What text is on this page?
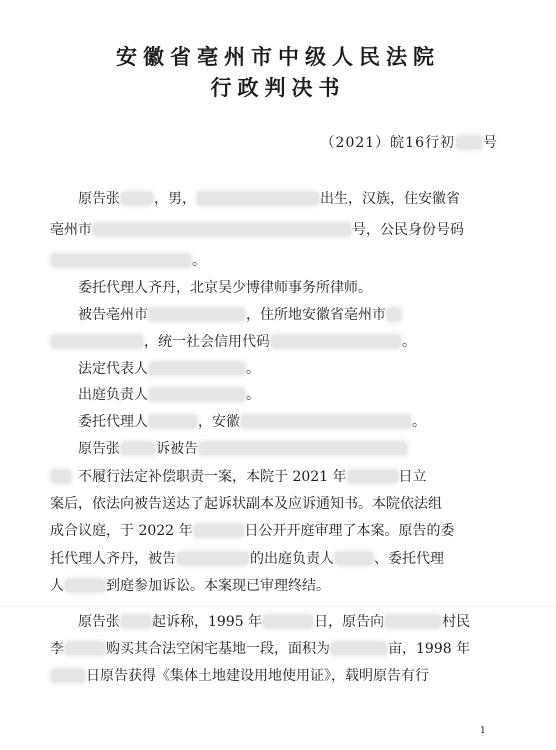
安徽省亳州市中级人民法院
行政判决书
（2021）皖16行初 号
原告张 ，男，	出生，汉族，住安徽省
亳州市	号，公民身份号码
。
委托代理人齐丹，北京吴少博律师事务所律师。
被告亳州市	，住所地安徽省亳州市
，统一社会信用代码	。
法定代表人	。
出庭负责人	。
委托代理人	，安徽	。
原告张	诉被告
不履行法定补偿职责一案，本院于 2021 年	日立
案后，依法向被告送达了起诉状副本及应诉通知书。本院依法组
成合议庭，于 2022 年	日公开开庭审理了本案。原告的委
托代理人齐丹，被告	的出庭负责人	、委托代理
人	到庭参加诉讼。本案现已审理终结。
原告张 起诉称，1995 年	日，原告向	村民
李	购买其合法空闲宅基地一段，面积为	亩，1998 年
日原告获得《集体土地建设用地使用证》，载明原告有行
1
